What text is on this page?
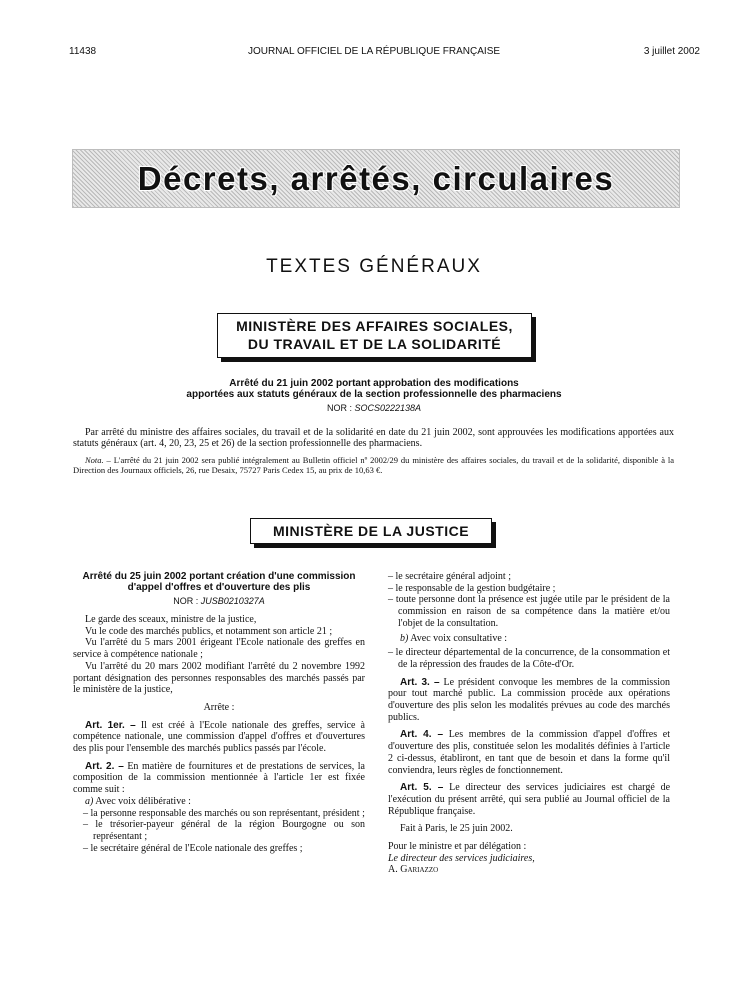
11438	JOURNAL OFFICIEL DE LA RÉPUBLIQUE FRANÇAISE	3 juillet 2002
Décrets, arrêtés, circulaires
TEXTES GÉNÉRAUX
MINISTÈRE DES AFFAIRES SOCIALES,
DU TRAVAIL ET DE LA SOLIDARITÉ
Arrêté du 21 juin 2002 portant approbation des modifications
apportées aux statuts généraux de la section professionnelle des pharmaciens
NOR : SOCS0222138A
Par arrêté du ministre des affaires sociales, du travail et de la solidarité en date du 21 juin 2002, sont approuvées les modifications apportées aux statuts généraux (art. 4, 20, 23, 25 et 26) de la section professionnelle des pharmaciens.
Nota. – L'arrêté du 21 juin 2002 sera publié intégralement au Bulletin officiel nº 2002/29 du ministère des affaires sociales, du travail et de la solidarité, disponible à la Direction des Journaux officiels, 26, rue Desaix, 75727 Paris Cedex 15, au prix de 10,63 €.
MINISTÈRE DE LA JUSTICE
Arrêté du 25 juin 2002 portant création d'une commission
d'appel d'offres et d'ouverture des plis
NOR : JUSB0210327A

Le garde des sceaux, ministre de la justice,

Vu le code des marchés publics, et notamment son article 21 ;

Vu l'arrêté du 5 mars 2001 érigeant l'Ecole nationale des greffes en service à compétence nationale ;

Vu l'arrêté du 20 mars 2002 modifiant l'arrêté du 2 novembre 1992 portant désignation des personnes responsables des marchés passés par le ministère de la justice,

Arrête :

Art. 1er. – Il est créé à l'Ecole nationale des greffes, service à compétence nationale, une commission d'appel d'offres et d'ouvertures des plis pour l'ensemble des marchés publics passés par l'école.

Art. 2. – En matière de fournitures et de prestations de services, la composition de la commission mentionnée à l'article 1er est fixée comme suit :

a) Avec voix délibérative :

– la personne responsable des marchés ou son représentant, président ;

– le trésorier-payeur général de la région Bourgogne ou son représentant ;

– le secrétaire général de l'Ecole nationale des greffes ;

– le secrétaire général adjoint ;

– le responsable de la gestion budgétaire ;

– toute personne dont la présence est jugée utile par le président de la commission en raison de sa compétence dans la matière et/ou l'objet de la consultation.

b) Avec voix consultative :

– le directeur départemental de la concurrence, de la consommation et de la répression des fraudes de la Côte-d'Or.

Art. 3. – Le président convoque les membres de la commission pour tout marché public. La commission procède aux opérations d'ouverture des plis selon les modalités prévues au code des marchés publics.

Art. 4. – Les membres de la commission d'appel d'offres et d'ouverture des plis, constituée selon les modalités définies à l'article 2 ci-dessus, établiront, en tant que de besoin et dans la forme qu'il conviendra, leurs règles de fonctionnement.

Art. 5. – Le directeur des services judiciaires est chargé de l'exécution du présent arrêté, qui sera publié au Journal officiel de la République française.

Fait à Paris, le 25 juin 2002.

Pour le ministre et par délégation :

Le directeur des services judiciaires,

A. Gariazzo
